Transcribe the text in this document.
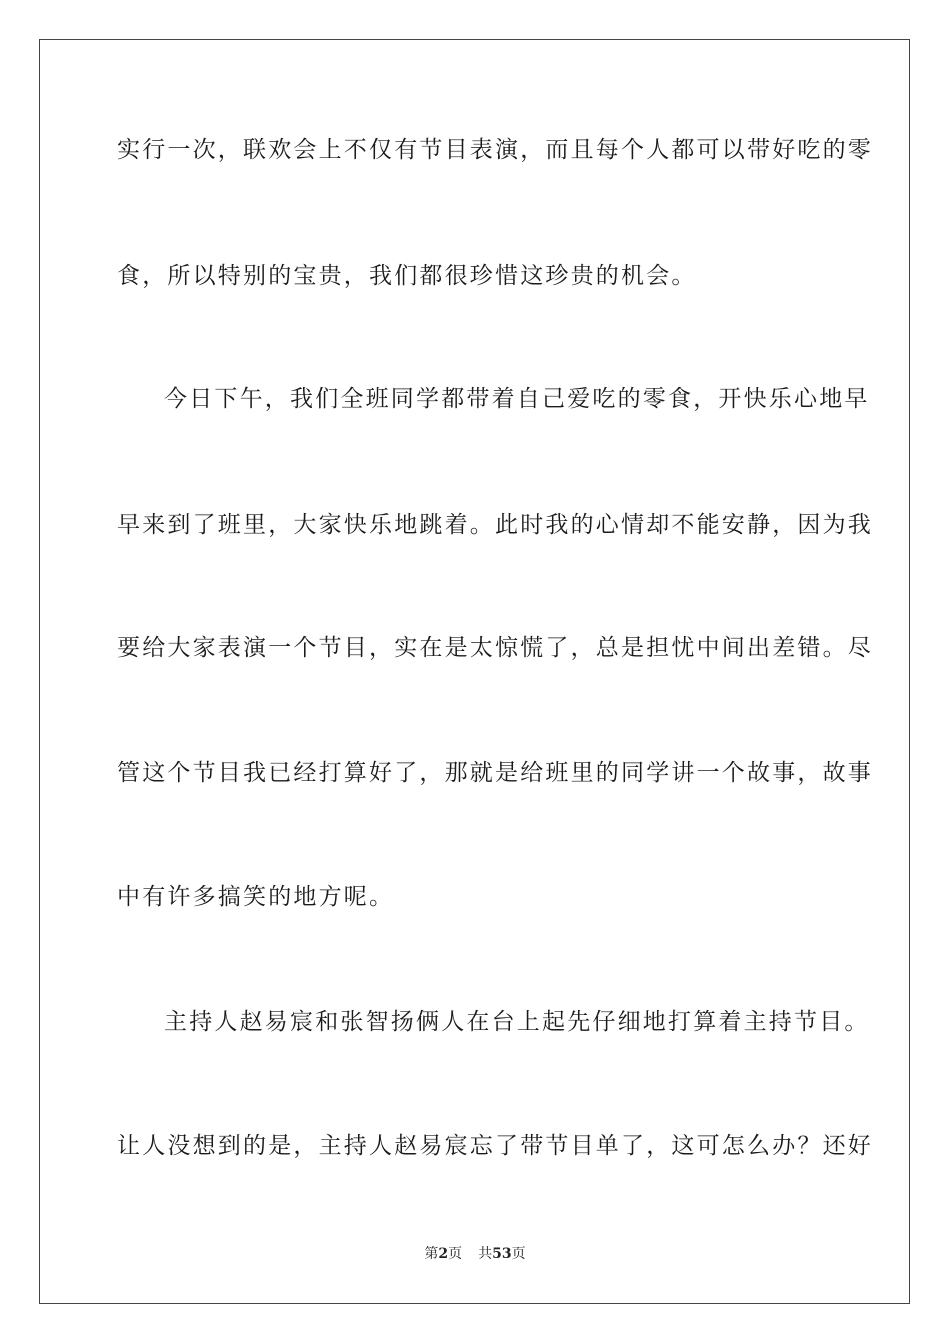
实行一次，联欢会上不仅有节目表演，而且每个人都可以带好吃的零
食，所以特别的宝贵，我们都很珍惜这珍贵的机会。
今日下午，我们全班同学都带着自己爱吃的零食，开快乐心地早
早来到了班里，大家快乐地跳着。此时我的心情却不能安静，因为我
要给大家表演一个节目，实在是太惊慌了，总是担忧中间出差错。尽
管这个节目我已经打算好了，那就是给班里的同学讲一个故事，故事
中有许多搞笑的地方呢。
主持人赵易宸和张智扬俩人在台上起先仔细地打算着主持节目。
让人没想到的是，主持人赵易宸忘了带节目单了，这可怎么办？还好
第2页 共53页
